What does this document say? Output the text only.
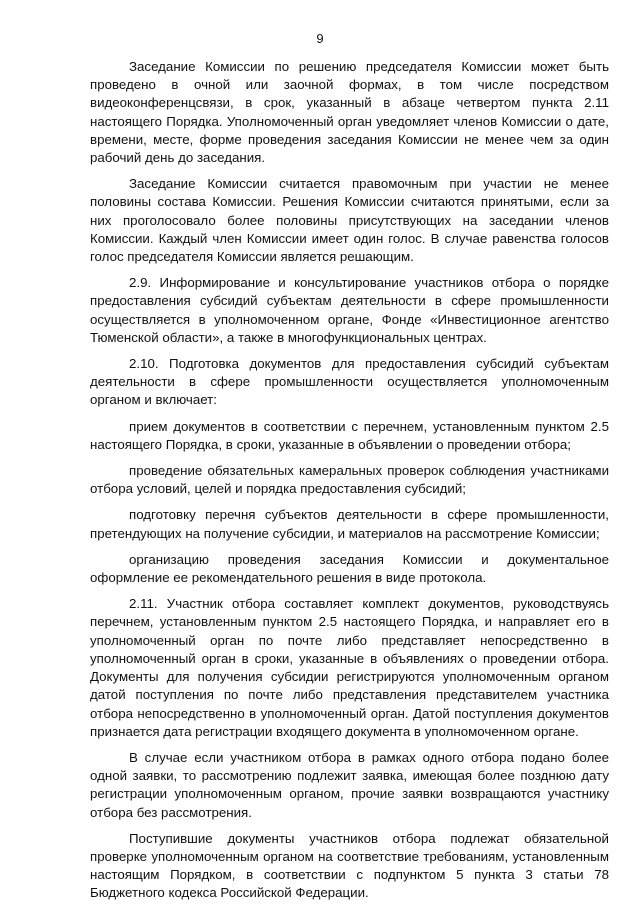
9

Заседание Комиссии по решению председателя Комиссии может быть проведено в очной или заочной формах, в том числе посредством видеоконференцсвязи, в срок, указанный в абзаце четвертом пункта 2.11 настоящего Порядка. Уполномоченный орган уведомляет членов Комиссии о дате, времени, месте, форме проведения заседания Комиссии не менее чем за один рабочий день до заседания.

Заседание Комиссии считается правомочным при участии не менее половины состава Комиссии. Решения Комиссии считаются принятыми, если за них проголосовало более половины присутствующих на заседании членов Комиссии. Каждый член Комиссии имеет один голос. В случае равенства голосов голос председателя Комиссии является решающим.

2.9. Информирование и консультирование участников отбора о порядке предоставления субсидий субъектам деятельности в сфере промышленности осуществляется в уполномоченном органе, Фонде «Инвестиционное агентство Тюменской области», а также в многофункциональных центрах.

2.10. Подготовка документов для предоставления субсидий субъектам деятельности в сфере промышленности осуществляется уполномоченным органом и включает:

прием документов в соответствии с перечнем, установленным пунктом 2.5 настоящего Порядка, в сроки, указанные в объявлении о проведении отбора;

проведение обязательных камеральных проверок соблюдения участниками отбора условий, целей и порядка предоставления субсидий;

подготовку перечня субъектов деятельности в сфере промышленности, претендующих на получение субсидии, и материалов на рассмотрение Комиссии;

организацию проведения заседания Комиссии и документальное оформление ее рекомендательного решения в виде протокола.

2.11. Участник отбора составляет комплект документов, руководствуясь перечнем, установленным пунктом 2.5 настоящего Порядка, и направляет его в уполномоченный орган по почте либо представляет непосредственно в уполномоченный орган в сроки, указанные в объявлениях о проведении отбора. Документы для получения субсидии регистрируются уполномоченным органом датой поступления по почте либо представления представителем участника отбора непосредственно в уполномоченный орган. Датой поступления документов признается дата регистрации входящего документа в уполномоченном органе.

В случае если участником отбора в рамках одного отбора подано более одной заявки, то рассмотрению подлежит заявка, имеющая более позднюю дату регистрации уполномоченным органом, прочие заявки возвращаются участнику отбора без рассмотрения.

Поступившие документы участников отбора подлежат обязательной проверке уполномоченным органом на соответствие требованиям, установленным настоящим Порядком, в соответствии с подпунктом 5 пункта 3 статьи 78 Бюджетного кодекса Российской Федерации.
